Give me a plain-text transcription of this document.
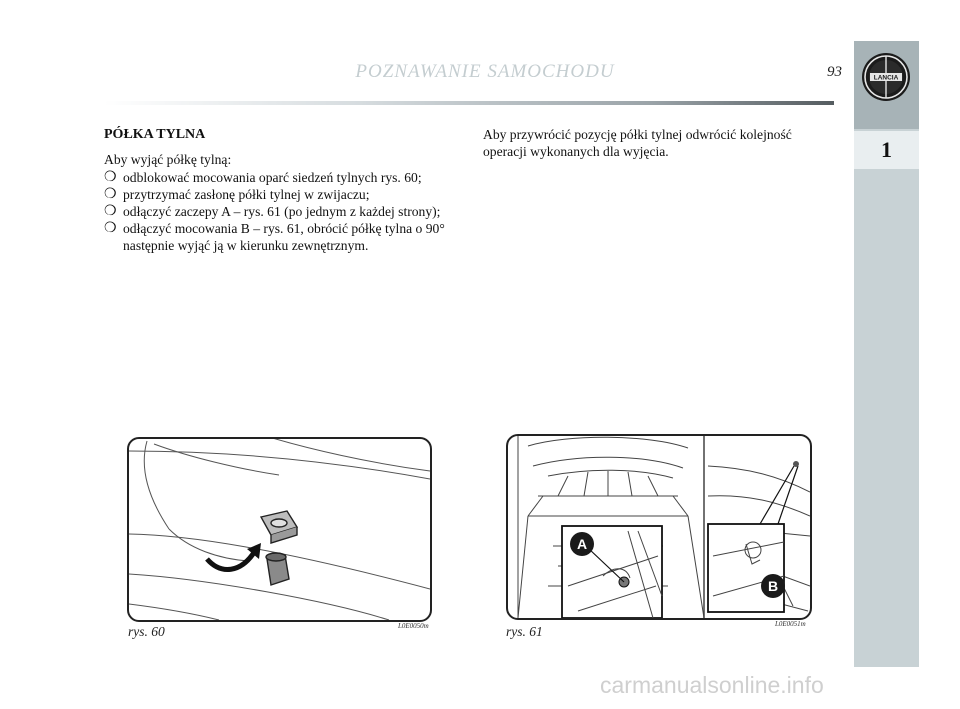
POZNAWANIE SAMOCHODU	93	LANCIA
1
PÓŁKA TYLNA
Aby wyjąć półkę tylną:
❍ odblokować mocowania oparć siedzeń tylnych rys. 60;
❍ przytrzymać zasłonę półki tylnej w zwijaczu;
❍ odłączyć zaczepy A – rys. 61 (po jednym z każdej strony);
❍ odłączyć mocowania B – rys. 61, obrócić półkę tylna o 90° następnie wyjąć ją w kierunku zewnętrznym.

Aby przywrócić pozycję półki tylnej odwrócić kolejność operacji wykonanych dla wyjęcia.

rys. 60	L0E0050m
A
B
rys. 61	L0E0051m
carmanualsonline.info
